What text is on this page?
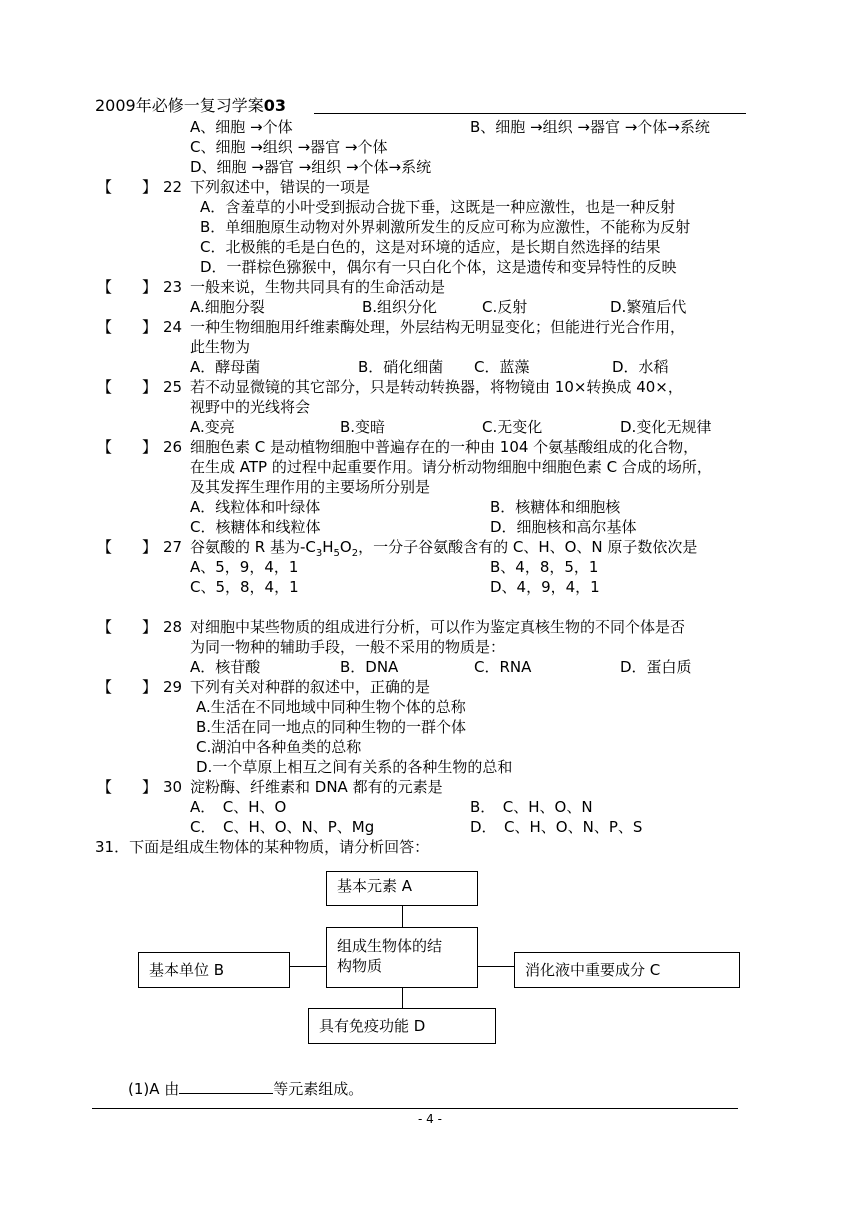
2009年必修一复习学案03
A、细胞 →个体	B、细胞 →组织 →器官 →个体→系统
C、细胞 →组织 →器官 →个体
D、细胞 →器官 →组织 →个体→系统
【　　】 22 下列叙述中，错误的一项是
A．含羞草的小叶受到振动合拢下垂，这既是一种应激性，也是一种反射
B．单细胞原生动物对外界刺激所发生的反应可称为应激性，不能称为反射
C．北极熊的毛是白色的，这是对环境的适应，是长期自然选择的结果
D．一群棕色猕猴中，偶尔有一只白化个体，这是遗传和变异特性的反映
【　　】 23 一般来说，生物共同具有的生命活动是
A.细胞分裂	B.组织分化	C.反射	D.繁殖后代
【　　】 24 一种生物细胞用纤维素酶处理，外层结构无明显变化；但能进行光合作用，
此生物为
A．酵母菌	B．硝化细菌 C．蓝藻	D．水稻
【　　】 25 若不动显微镜的其它部分，只是转动转换器，将物镜由 10×转换成 40×，
视野中的光线将会
A.变亮	B.变暗	C.无变化	D.变化无规律
【　　】 26 细胞色素 C 是动植物细胞中普遍存在的一种由 104 个氨基酸组成的化合物，
在生成 ATP 的过程中起重要作用。请分析动物细胞中细胞色素 C 合成的场所，
及其发挥生理作用的主要场所分别是
A．线粒体和叶绿体	B．核糖体和细胞核
C．核糖体和线粒体	D．细胞核和高尔基体
【　　】 27 谷氨酸的 R 基为$-C_3H_5O_2$，一分子谷氨酸含有的 C、H、O、N 原子数依次是
A、5，9，4，1	B、4，8，5，1
C、5，8，4，1	D、4，9，4，1
【　　】 28 对细胞中某些物质的组成进行分析，可以作为鉴定真核生物的不同个体是否
为同一物种的辅助手段，一般不采用的物质是：
A．核苷酸	B．DNA	C．RNA	D．蛋白质
【　　】 29 下列有关对种群的叙述中，正确的是
A.生活在不同地域中同种生物个体的总称
B.生活在同一地点的同种生物的一群个体
C.湖泊中各种鱼类的总称
D.一个草原上相互之间有关系的各种生物的总和
【　　】 30 淀粉酶、纤维素和 DNA 都有的元素是
A．　C、H、O	B．　C、H、O、N
C．　C、H、O、N、P、Mg	D．　C、H、O、N、P、S
31．下面是组成生物体的某种物质，请分析回答：
基本元素 A
组成生物体的结
构物质
基本单位 B	消化液中重要成分 C
具有免疫功能 D
(1)A 由	等元素组成。
- 4 -
